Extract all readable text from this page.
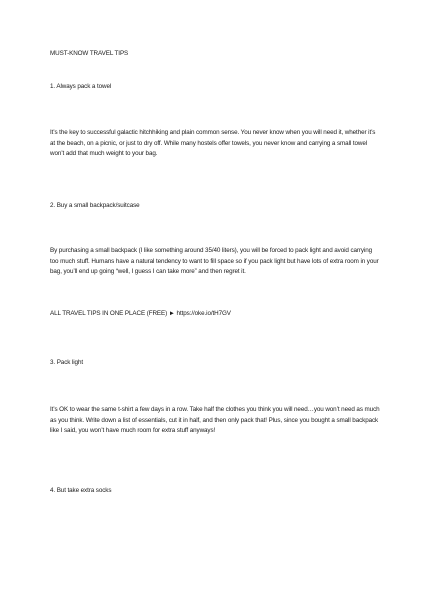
MUST-KNOW TRAVEL TIPS
1. Always pack a towel
It’s the key to successful galactic hitchhiking and plain common sense. You never know when you will need it, whether it’s at the beach, on a picnic, or just to dry off. While many hostels offer towels, you never know and carrying a small towel won’t add that much weight to your bag.
2. Buy a small backpack/suitcase
By purchasing a small backpack (I like something around 35/40 liters), you will be forced to pack light and avoid carrying too much stuff. Humans have a natural tendency to want to fill space so if you pack light but have lots of extra room in your bag, you’ll end up going “well, I guess I can take more” and then regret it.
ALL TRAVEL TIPS IN ONE PLACE (FREE) ► https://oke.io/tH7GV
3. Pack light
It’s OK to wear the same t-shirt a few days in a row. Take half the clothes you think you will need…you won’t need as much as you think. Write down a list of essentials, cut it in half, and then only pack that! Plus, since you bought a small backpack like I said, you won’t have much room for extra stuff anyways!
4. But take extra socks
